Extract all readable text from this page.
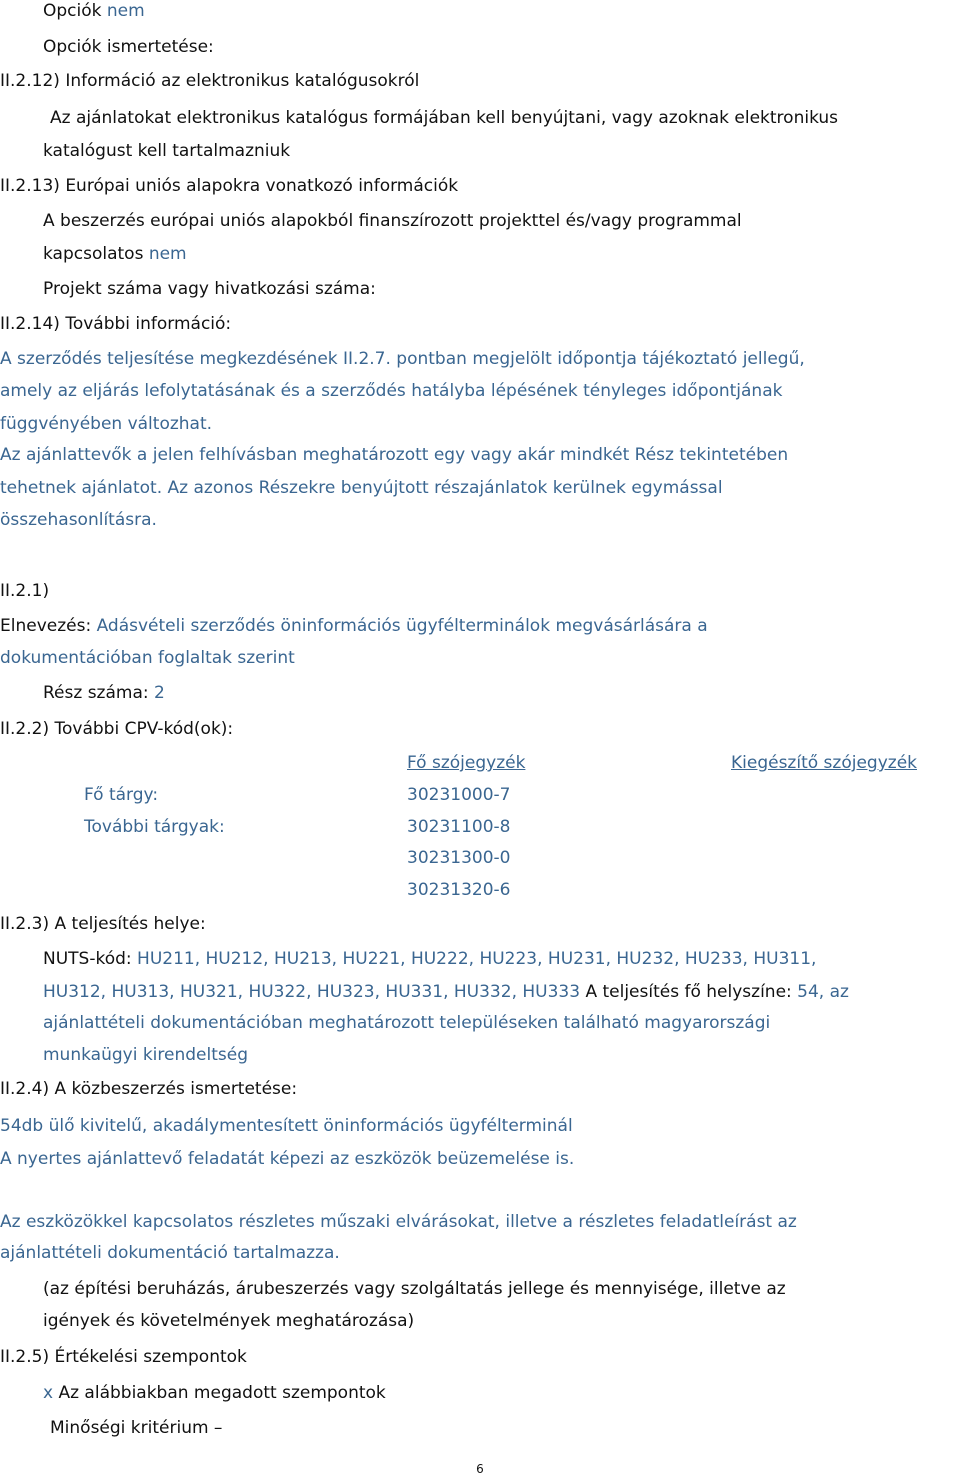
Opciók nem
Opciók ismertetése:
II.2.12) Információ az elektronikus katalógusokról
Az ajánlatokat elektronikus katalógus formájában kell benyújtani, vagy azoknak elektronikus
katalógust kell tartalmazniuk
II.2.13) Európai uniós alapokra vonatkozó információk
A beszerzés európai uniós alapokból finanszírozott projekttel és/vagy programmal
kapcsolatos nem
Projekt száma vagy hivatkozási száma:
II.2.14) További információ:
A szerződés teljesítése megkezdésének II.2.7. pontban megjelölt időpontja tájékoztató jellegű,
amely az eljárás lefolytatásának és a szerződés hatályba lépésének tényleges időpontjának
függvényében változhat.
Az ajánlattevők a jelen felhívásban meghatározott egy vagy akár mindkét Rész tekintetében
tehetnek ajánlatot. Az azonos Részekre benyújtott részajánlatok kerülnek egymással
összehasonlításra.
II.2.1)
Elnevezés: Adásvételi szerződés öninformációs ügyfélterminálok megvásárlására a
dokumentációban foglaltak szerint
Rész száma: 2
II.2.2) További CPV-kód(ok):
Fő szójegyzék	Kiegészítő szójegyzék
Fő tárgy:	30231000-7
További tárgyak:	30231100-8
30231300-0
30231320-6
II.2.3) A teljesítés helye:
NUTS-kód: HU211, HU212, HU213, HU221, HU222, HU223, HU231, HU232, HU233, HU311,
HU312, HU313, HU321, HU322, HU323, HU331, HU332, HU333 A teljesítés fő helyszíne: 54, az
ajánlattételi dokumentációban meghatározott településeken található magyarországi
munkaügyi kirendeltség
II.2.4) A közbeszerzés ismertetése:
54db ülő kivitelű, akadálymentesített öninformációs ügyfélterminál
A nyertes ajánlattevő feladatát képezi az eszközök beüzemelése is.
Az eszközökkel kapcsolatos részletes műszaki elvárásokat, illetve a részletes feladatleírást az
ajánlattételi dokumentáció tartalmazza.
(az építési beruházás, árubeszerzés vagy szolgáltatás jellege és mennyisége, illetve az
igények és követelmények meghatározása)
II.2.5) Értékelési szempontok
x Az alábbiakban megadott szempontok
Minőségi kritérium –
6
